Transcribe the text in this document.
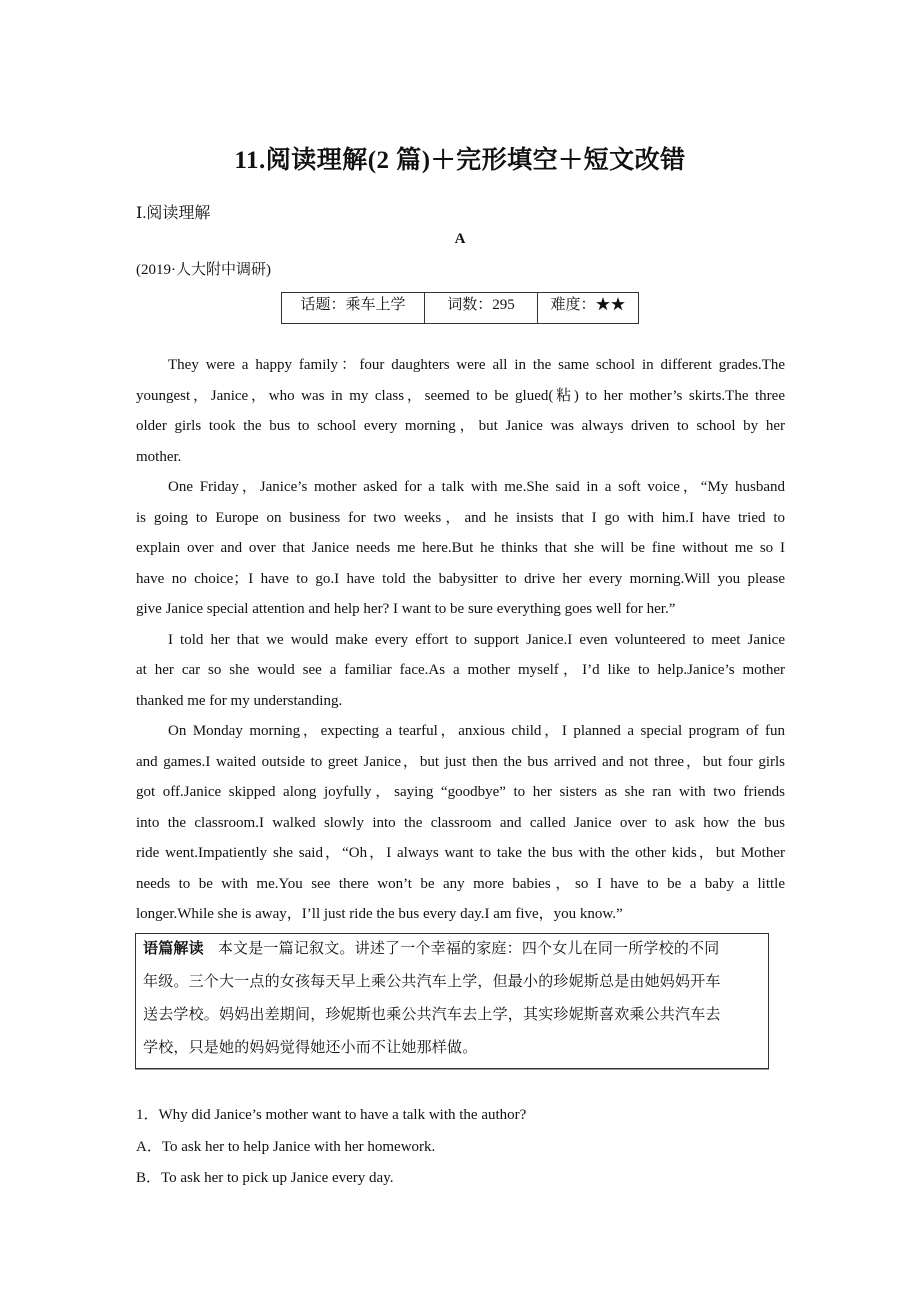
11.阅读理解(2 篇)＋完形填空＋短文改错
Ⅰ.阅读理解
A
(2019·人大附中调研)
话题：乘车上学	词数：295	难度：★★
They were a happy family：four daughters were all in the same school in different grades.The
youngest，Janice，who was in my class，seemed to be glued(粘) to her mother’s skirts.The three
older girls took the bus to school every morning，but Janice was always driven to school by her
mother.
One Friday，Janice’s mother asked for a talk with me.She said in a soft voice，“My husband
is going to Europe on business for two weeks，and he insists that I go with him.I have tried to
explain over and over that Janice needs me here.But he thinks that she will be fine without me so I
have no choice；I have to go.I have told the babysitter to drive her every morning.Will you please
give Janice special attention and help her? I want to be sure everything goes well for her.”
I told her that we would make every effort to support Janice.I even volunteered to meet Janice
at her car so she would see a familiar face.As a mother myself，I’d like to help.Janice’s mother
thanked me for my understanding.
On Monday morning，expecting a tearful，anxious child，I planned a special program of fun
and games.I waited outside to greet Janice，but just then the bus arrived and not three，but four girls
got off.Janice skipped along joyfully，saying “goodbye” to her sisters as she ran with two friends
into the classroom.I walked slowly into the classroom and called Janice over to ask how the bus
ride went.Impatiently she said，“Oh，I always want to take the bus with the other kids，but Mother
needs to be with me.You see there won’t be any more babies，so I have to be a baby a little
longer.While she is away，I’ll just ride the bus every day.I am five，you know.”
语篇解读 本文是一篇记叙文。讲述了一个幸福的家庭：四个女儿在同一所学校的不同
年级。三个大一点的女孩每天早上乘公共汽车上学，但最小的珍妮斯总是由她妈妈开车
送去学校。妈妈出差期间，珍妮斯也乘公共汽车去上学，其实珍妮斯喜欢乘公共汽车去
学校，只是她的妈妈觉得她还小而不让她那样做。
1．Why did Janice’s mother want to have a talk with the author?
A．To ask her to help Janice with her homework.
B．To ask her to pick up Janice every day.
